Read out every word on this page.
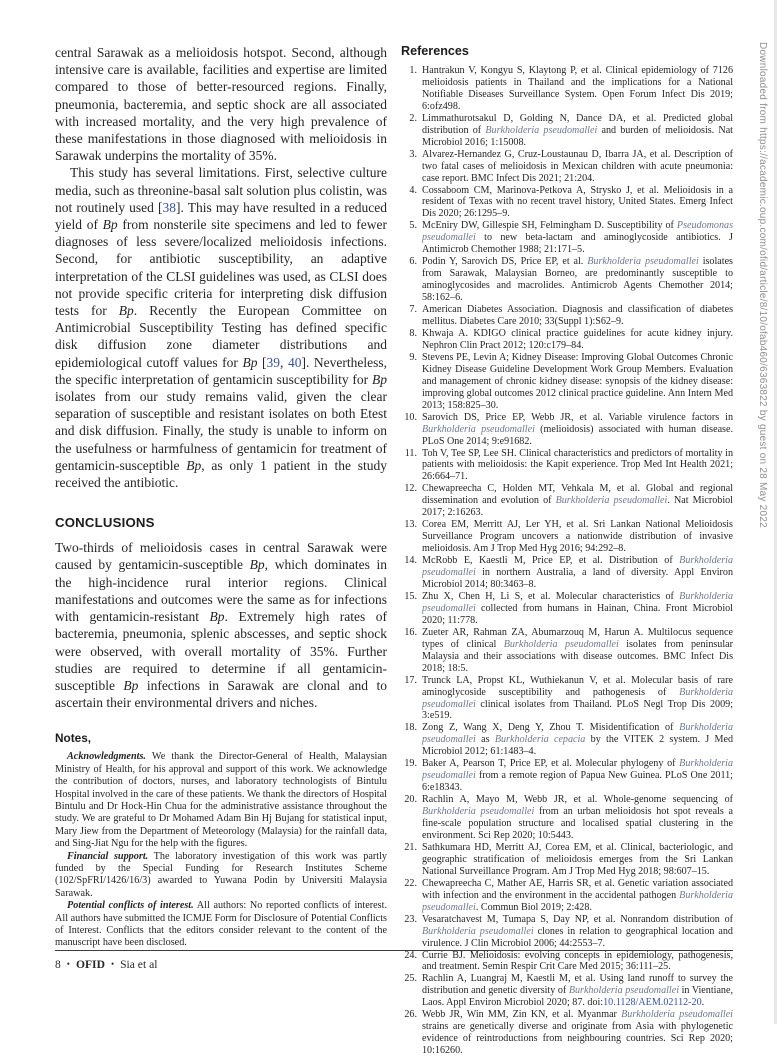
central Sarawak as a melioidosis hotspot. Second, although intensive care is available, facilities and expertise are limited compared to those of better-resourced regions. Finally, pneumonia, bacteremia, and septic shock are all associated with increased mortality, and the very high prevalence of these manifestations in those diagnosed with melioidosis in Sarawak underpins the mortality of 35%.

This study has several limitations. First, selective culture media, such as threonine-basal salt solution plus colistin, was not routinely used [38]. This may have resulted in a reduced yield of Bp from nonsterile site specimens and led to fewer diagnoses of less severe/localized melioidosis infections. Second, for antibiotic susceptibility, an adaptive interpretation of the CLSI guidelines was used, as CLSI does not provide specific criteria for interpreting disk diffusion tests for Bp. Recently the European Committee on Antimicrobial Susceptibility Testing has defined specific disk diffusion zone diameter distributions and epidemiological cutoff values for Bp [39, 40]. Nevertheless, the specific interpretation of gentamicin susceptibility for Bp isolates from our study remains valid, given the clear separation of susceptible and resistant isolates on both Etest and disk diffusion. Finally, the study is unable to inform on the usefulness or harmfulness of gentamicin for treatment of gentamicin-susceptible Bp, as only 1 patient in the study received the antibiotic.

CONCLUSIONS

Two-thirds of melioidosis cases in central Sarawak were caused by gentamicin-susceptible Bp, which dominates in the high-incidence rural interior regions. Clinical manifestations and outcomes were the same as for infections with gentamicin-resistant Bp. Extremely high rates of bacteremia, pneumonia, splenic abscesses, and septic shock were observed, with overall mortality of 35%. Further studies are required to determine if all gentamicin-susceptible Bp infections in Sarawak are clonal and to ascertain their environmental drivers and niches.

Notes,

Acknowledgments. We thank the Director-General of Health, Malaysian Ministry of Health, for his approval and support of this work. We acknowledge the contribution of doctors, nurses, and laboratory technologists of Bintulu Hospital involved in the care of these patients. We thank the directors of Hospital Bintulu and Dr Hock-Hin Chua for the administrative assistance throughout the study. We are grateful to Dr Mohamed Adam Bin Hj Bujang for statistical input, Mary Jiew from the Department of Meteorology (Malaysia) for the rainfall data, and Sing-Jiat Ngu for the help with the figures.

Financial support. The laboratory investigation of this work was partly funded by the Special Funding for Research Institutes Scheme (102/SpFRI/1426/16/3) awarded to Yuwana Podin by Universiti Malaysia Sarawak.

Potential conflicts of interest. All authors: No reported conflicts of interest. All authors have submitted the ICMJE Form for Disclosure of Potential Conflicts of Interest. Conflicts that the editors consider relevant to the content of the manuscript have been disclosed.

References
1. Hantrakun V, Kongyu S, Klaytong P, et al. Clinical epidemiology of 7126 melioidosis patients in Thailand and the implications for a National Notifiable Diseases Surveillance System. Open Forum Infect Dis 2019; 6:ofz498.
2. Limmathurotsakul D, Golding N, Dance DA, et al. Predicted global distribution of Burkholderia pseudomallei and burden of melioidosis. Nat Microbiol 2016; 1:15008.
3. Alvarez-Hernandez G, Cruz-Loustaunau D, Ibarra JA, et al. Description of two fatal cases of melioidosis in Mexican children with acute pneumonia: case report. BMC Infect Dis 2021; 21:204.
4. Cossaboom CM, Marinova-Petkova A, Strysko J, et al. Melioidosis in a resident of Texas with no recent travel history, United States. Emerg Infect Dis 2020; 26:1295–9.
5. McEniry DW, Gillespie SH, Felmingham D. Susceptibility of Pseudomonas pseudomallei to new beta-lactam and aminoglycoside antibiotics. J Antimicrob Chemother 1988; 21:171–5.
6. Podin Y, Sarovich DS, Price EP, et al. Burkholderia pseudomallei isolates from Sarawak, Malaysian Borneo, are predominantly susceptible to aminoglycosides and macrolides. Antimicrob Agents Chemother 2014; 58:162–6.
7. American Diabetes Association. Diagnosis and classification of diabetes mellitus. Diabetes Care 2010; 33(Suppl 1):S62–9.
8. Khwaja A. KDIGO clinical practice guidelines for acute kidney injury. Nephron Clin Pract 2012; 120:c179–84.
9. Stevens PE, Levin A; Kidney Disease: Improving Global Outcomes Chronic Kidney Disease Guideline Development Work Group Members. Evaluation and management of chronic kidney disease: synopsis of the kidney disease: improving global outcomes 2012 clinical practice guideline. Ann Intern Med 2013; 158:825–30.
10. Sarovich DS, Price EP, Webb JR, et al. Variable virulence factors in Burkholderia pseudomallei (melioidosis) associated with human disease. PLoS One 2014; 9:e91682.
11. Toh V, Tee SP, Lee SH. Clinical characteristics and predictors of mortality in patients with melioidosis: the Kapit experience. Trop Med Int Health 2021; 26:664–71.
12. Chewapreecha C, Holden MT, Vehkala M, et al. Global and regional dissemination and evolution of Burkholderia pseudomallei. Nat Microbiol 2017; 2:16263.
13. Corea EM, Merritt AJ, Ler YH, et al. Sri Lankan National Melioidosis Surveillance Program uncovers a nationwide distribution of invasive melioidosis. Am J Trop Med Hyg 2016; 94:292–8.
14. McRobb E, Kaestli M, Price EP, et al. Distribution of Burkholderia pseudomallei in northern Australia, a land of diversity. Appl Environ Microbiol 2014; 80:3463–8.
15. Zhu X, Chen H, Li S, et al. Molecular characteristics of Burkholderia pseudomallei collected from humans in Hainan, China. Front Microbiol 2020; 11:778.
16. Zueter AR, Rahman ZA, Abumarzouq M, Harun A. Multilocus sequence types of clinical Burkholderia pseudomallei isolates from peninsular Malaysia and their associations with disease outcomes. BMC Infect Dis 2018; 18:5.
17. Trunck LA, Propst KL, Wuthiekanun V, et al. Molecular basis of rare aminoglycoside susceptibility and pathogenesis of Burkholderia pseudomallei clinical isolates from Thailand. PLoS Negl Trop Dis 2009; 3:e519.
18. Zong Z, Wang X, Deng Y, Zhou T. Misidentification of Burkholderia pseudomallei as Burkholderia cepacia by the VITEK 2 system. J Med Microbiol 2012; 61:1483–4.
19. Baker A, Pearson T, Price EP, et al. Molecular phylogeny of Burkholderia pseudomallei from a remote region of Papua New Guinea. PLoS One 2011; 6:e18343.
20. Rachlin A, Mayo M, Webb JR, et al. Whole-genome sequencing of Burkholderia pseudomallei from an urban melioidosis hot spot reveals a fine-scale population structure and localised spatial clustering in the environment. Sci Rep 2020; 10:5443.
21. Sathkumara HD, Merritt AJ, Corea EM, et al. Clinical, bacteriologic, and geographic stratification of melioidosis emerges from the Sri Lankan National Surveillance Program. Am J Trop Med Hyg 2018; 98:607–15.
22. Chewapreecha C, Mather AE, Harris SR, et al. Genetic variation associated with infection and the environment in the accidental pathogen Burkholderia pseudomallei. Commun Biol 2019; 2:428.
23. Vesaratchavest M, Tumapa S, Day NP, et al. Nonrandom distribution of Burkholderia pseudomallei clones in relation to geographical location and virulence. J Clin Microbiol 2006; 44:2553–7.
24. Currie BJ. Melioidosis: evolving concepts in epidemiology, pathogenesis, and treatment. Semin Respir Crit Care Med 2015; 36:111–25.
25. Rachlin A, Luangraj M, Kaestli M, et al. Using land runoff to survey the distribution and genetic diversity of Burkholderia pseudomallei in Vientiane, Laos. Appl Environ Microbiol 2020; 87. doi:10.1128/AEM.02112-20.
26. Webb JR, Win MM, Zin KN, et al. Myanmar Burkholderia pseudomallei strains are genetically diverse and originate from Asia with phylogenetic evidence of reintroductions from neighbouring countries. Sci Rep 2020; 10:16260.
8 • OFID • Sia et al
Downloaded from https://academic.oup.com/ofid/article/8/10/ofab460/6363822 by guest on 28 May 2022
